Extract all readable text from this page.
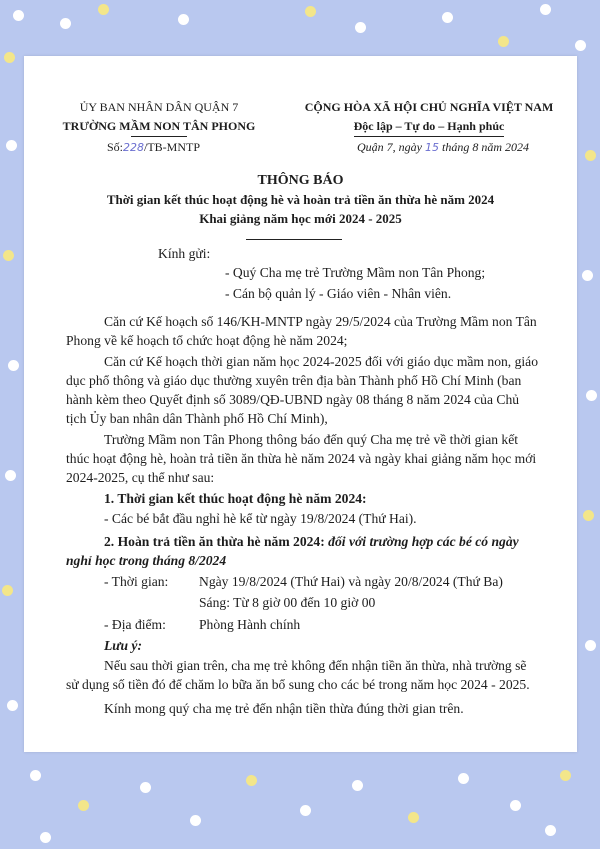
ỦY BAN NHÂN DÂN QUẬN 7
TRƯỜNG MẦM NON TÂN PHONG
Số:228/TB-MNTP
CỘNG HÒA XÃ HỘI CHỦ NGHĨA VIỆT NAM
Độc lập – Tự do – Hạnh phúc
Quận 7, ngày 15 tháng 8 năm 2024
THÔNG BÁO
Thời gian kết thúc hoạt động hè và hoàn trả tiền ăn thừa hè năm 2024
Khai giảng năm học mới 2024 - 2025
Kính gửi:
- Quý Cha mẹ trẻ Trường Mầm non Tân Phong;
- Cán bộ quản lý - Giáo viên - Nhân viên.
Căn cứ Kế hoạch số 146/KH-MNTP ngày 29/5/2024 của Trường Mầm non Tân
Phong về kế hoạch tổ chức hoạt động hè năm 2024;
Căn cứ Kế hoạch thời gian năm học 2024-2025 đối với giáo dục mầm non, giáo
dục phổ thông và giáo dục thường xuyên trên địa bàn Thành phố Hồ Chí Minh (ban
hành kèm theo Quyết định số 3089/QĐ-UBND ngày 08 tháng 8 năm 2024 của Chủ
tịch Ủy ban nhân dân Thành phố Hồ Chí Minh),
Trường Mầm non Tân Phong thông báo đến quý Cha mẹ trẻ về thời gian kết
thúc hoạt động hè, hoàn trả tiền ăn thừa hè năm 2024 và ngày khai giảng năm học mới
2024-2025, cụ thể như sau:
1. Thời gian kết thúc hoạt động hè năm 2024:
- Các bé bắt đầu nghỉ hè kể từ ngày 19/8/2024 (Thứ Hai).
2. Hoàn trả tiền ăn thừa hè năm 2024: đối với trường hợp các bé có ngày
nghỉ học trong tháng 8/2024
- Thời gian: Ngày 19/8/2024 (Thứ Hai) và ngày 20/8/2024 (Thứ Ba)
Sáng: Từ 8 giờ 00 đến 10 giờ 00
- Địa điểm: Phòng Hành chính
Lưu ý:
Nếu sau thời gian trên, cha mẹ trẻ không đến nhận tiền ăn thừa, nhà trường sẽ
sử dụng số tiền đó để chăm lo bữa ăn bổ sung cho các bé trong năm học 2024 - 2025.
Kính mong quý cha mẹ trẻ đến nhận tiền thừa đúng thời gian trên.
